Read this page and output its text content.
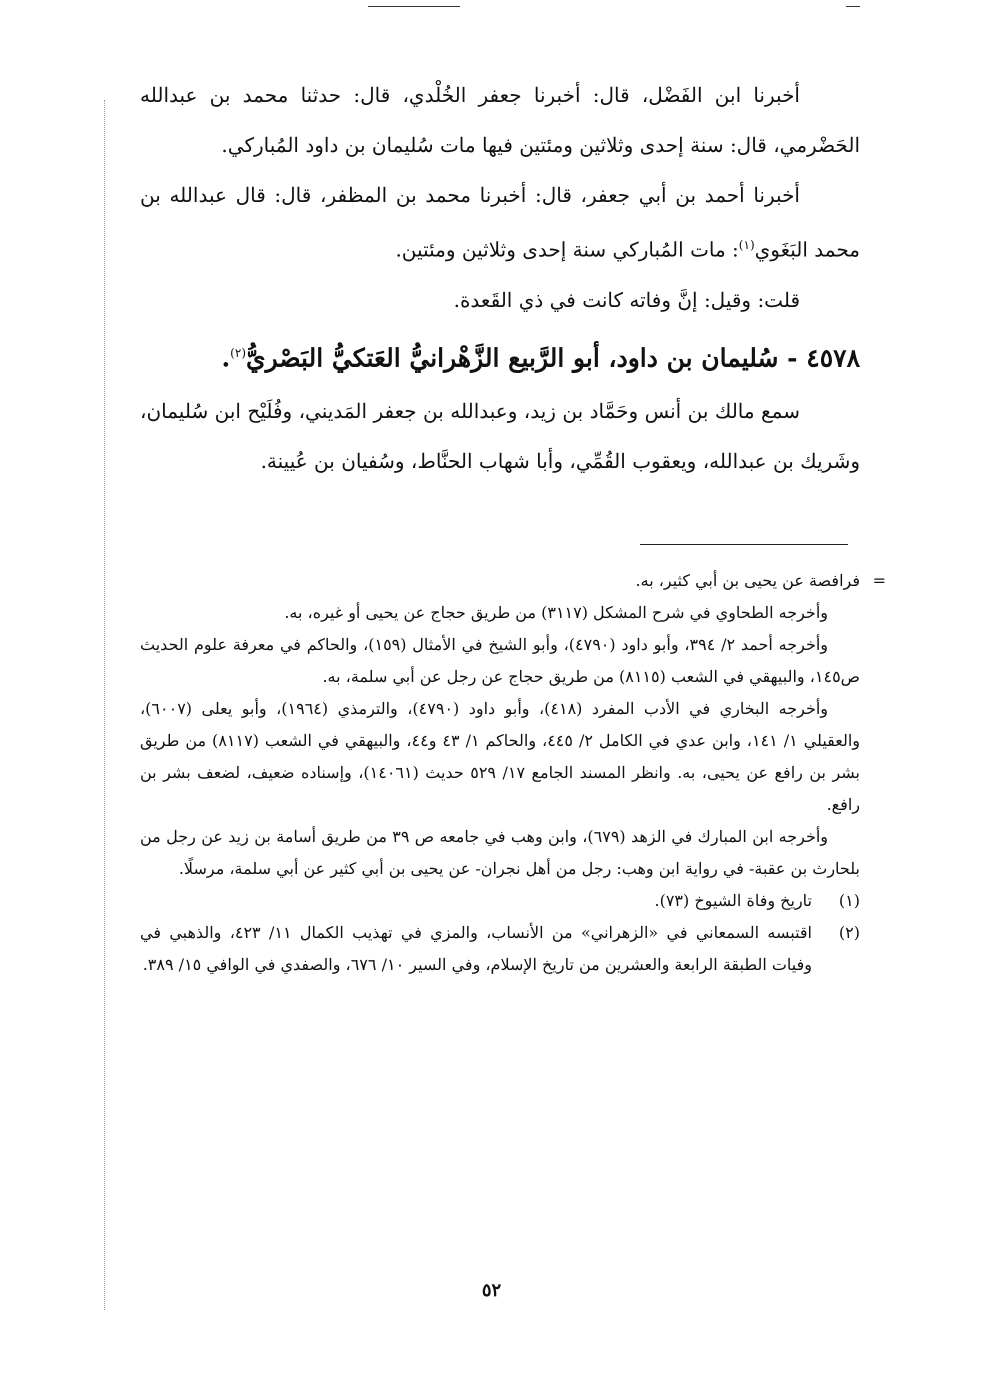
أخبرنا ابن الفَضْل، قال: أخبرنا جعفر الخُلْدي، قال: حدثنا محمد بن عبدالله الحَضْرمي، قال: سنة إحدى وثلاثين ومئتين فيها مات سُليمان بن داود المُباركي.

أخبرنا أحمد بن أبي جعفر، قال: أخبرنا محمد بن المظفر، قال: قال عبدالله بن محمد البَغَوي$^{(١)}$: مات المُباركي سنة إحدى وثلاثين ومئتين.

قلت: وقيل: إنَّ وفاته كانت في ذي القَعدة.

٤٥٧٨ - سُليمان بن داود، أبو الرَّبيع الزَّهْرانيُّ العَتكيُّ البَصْريُّ$^{(٢)}$.

سمع مالك بن أنس وحَمَّاد بن زيد، وعبدالله بن جعفر المَديني، وفُلَيْح ابن سُليمان، وشَريك بن عبدالله، ويعقوب القُمِّي، وأبا شهاب الحنَّاط، وسُفيان بن عُيينة.

=
فرافصة عن يحيى بن أبي كثير، به.

وأخرجه الطحاوي في شرح المشكل (٣١١٧) من طريق حجاج عن يحيى أو غيره، به.

وأخرجه أحمد ٢/ ٣٩٤، وأبو داود (٤٧٩٠)، وأبو الشيخ في الأمثال (١٥٩)، والحاكم في معرفة علوم الحديث ص١٤٥، والبيهقي في الشعب (٨١١٥) من طريق حجاج عن رجل عن أبي سلمة، به.

وأخرجه البخاري في الأدب المفرد (٤١٨)، وأبو داود (٤٧٩٠)، والترمذي (١٩٦٤)، وأبو يعلى (٦٠٠٧)، والعقيلي ١/ ١٤١، وابن عدي في الكامل ٢/ ٤٤٥، والحاكم ١/ ٤٣ و٤٤، والبيهقي في الشعب (٨١١٧) من طريق بشر بن رافع عن يحيى، به. وانظر المسند الجامع ١٧/ ٥٢٩ حديث (١٤٠٦١)، وإسناده ضعيف، لضعف بشر بن رافع.

وأخرجه ابن المبارك في الزهد (٦٧٩)، وابن وهب في جامعه ص ٣٩ من طريق أسامة بن زيد عن رجل من بلحارث بن عقبة- في رواية ابن وهب: رجل من أهل نجران- عن يحيى بن أبي كثير عن أبي سلمة، مرسلًا.

(١)
تاريخ وفاة الشيوخ (٧٣).

(٢)
اقتبسه السمعاني في «الزهراني» من الأنساب، والمزي في تهذيب الكمال ١١/ ٤٢٣، والذهبي في وفيات الطبقة الرابعة والعشرين من تاريخ الإسلام، وفي السير ١٠/ ٦٧٦، والصفدي في الوافي ١٥/ ٣٨٩.

٥٢
